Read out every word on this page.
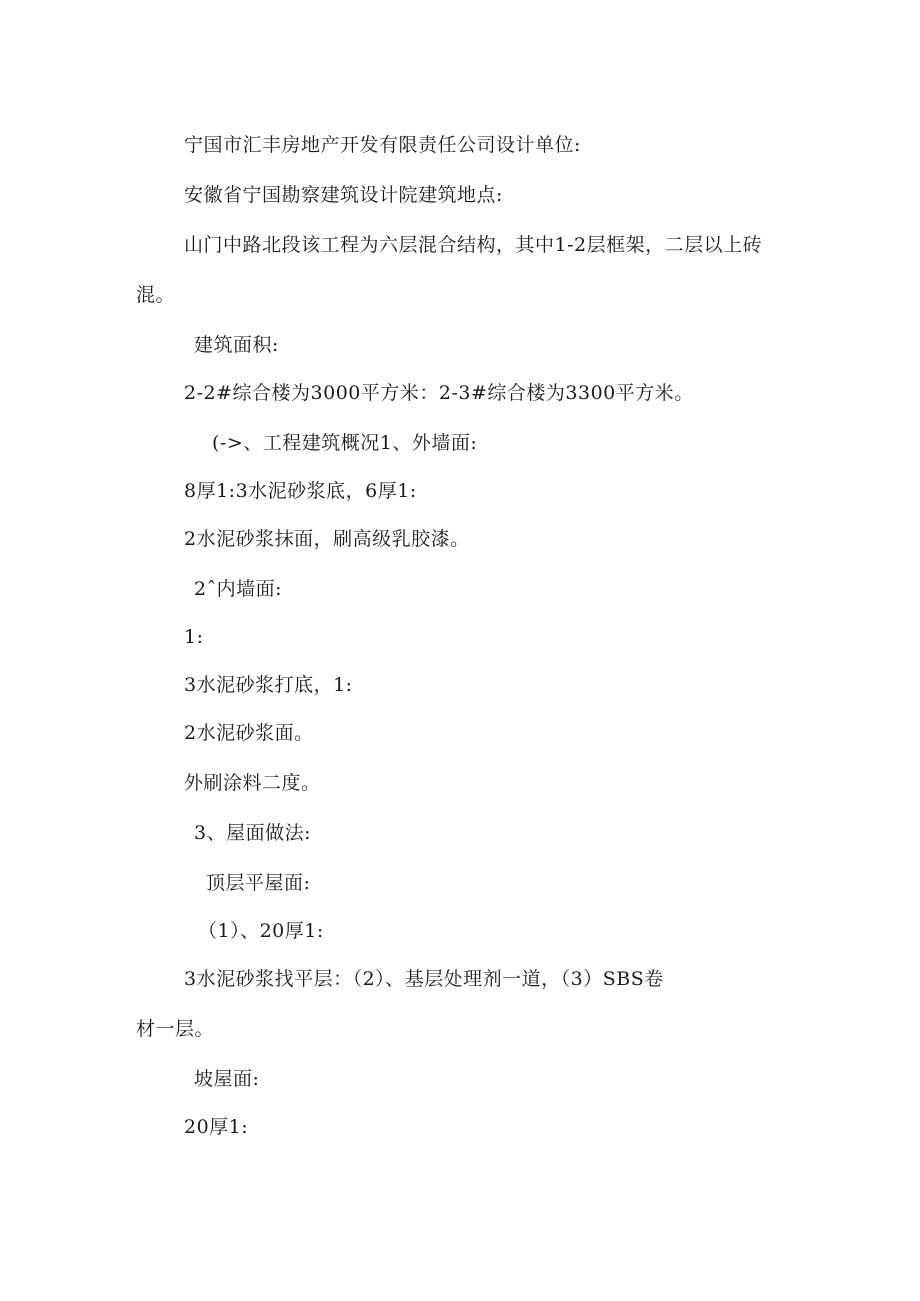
宁国市汇丰房地产开发有限责任公司设计单位:
安徽省宁国勘察建筑设计院建筑地点:
山门中路北段该工程为六层混合结构，其中1-2层框架，二层以上砖
混。
建筑面积:
2-2#综合楼为3000平方米：2-3#综合楼为3300平方米。
(->、工程建筑概况1、外墙面:
8厚1:3水泥砂浆底，6厚1:
2水泥砂浆抹面，刷高级乳胶漆。
2ˆ内墙面:
1:
3水泥砂浆打底，1:
2水泥砂浆面。
外刷涂料二度。
3、屋面做法:
顶层平屋面:
（1）、20厚1:
3水泥砂浆找平层：（2）、基层处理剂一道，（3）SBS卷
材一层。
坡屋面:
20厚1:
